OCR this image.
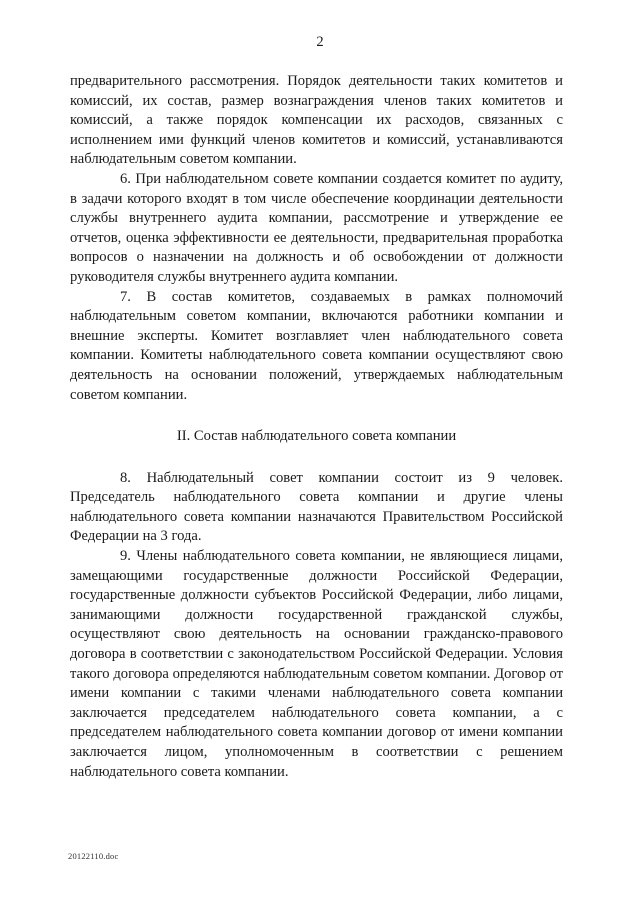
2

предварительного рассмотрения. Порядок деятельности таких комитетов и комиссий, их состав, размер вознаграждения членов таких комитетов и комиссий, а также порядок компенсации их расходов, связанных с исполнением ими функций членов комитетов и комиссий, устанавливаются наблюдательным советом компании.

6. При наблюдательном совете компании создается комитет по аудиту, в задачи которого входят в том числе обеспечение координации деятельности службы внутреннего аудита компании, рассмотрение и утверждение ее отчетов, оценка эффективности ее деятельности, предварительная проработка вопросов о назначении на должность и об освобождении от должности руководителя службы внутреннего аудита компании.

7. В состав комитетов, создаваемых в рамках полномочий наблюдательным советом компании, включаются работники компании и внешние эксперты. Комитет возглавляет член наблюдательного совета компании. Комитеты наблюдательного совета компании осуществляют свою деятельность на основании положений, утверждаемых наблюдательным советом компании.

II. Состав наблюдательного совета компании

8. Наблюдательный совет компании состоит из 9 человек. Председатель наблюдательного совета компании и другие члены наблюдательного совета компании назначаются Правительством Российской Федерации на 3 года.

9. Члены наблюдательного совета компании, не являющиеся лицами, замещающими государственные должности Российской Федерации, государственные должности субъектов Российской Федерации, либо лицами, занимающими должности государственной гражданской службы, осуществляют свою деятельность на основании гражданско-правового договора в соответствии с законодательством Российской Федерации. Условия такого договора определяются наблюдательным советом компании. Договор от имени компании с такими членами наблюдательного совета компании заключается председателем наблюдательного совета компании, а с председателем наблюдательного совета компании договор от имени компании заключается лицом, уполномоченным в соответствии с решением наблюдательного совета компании.

20122110.doc
